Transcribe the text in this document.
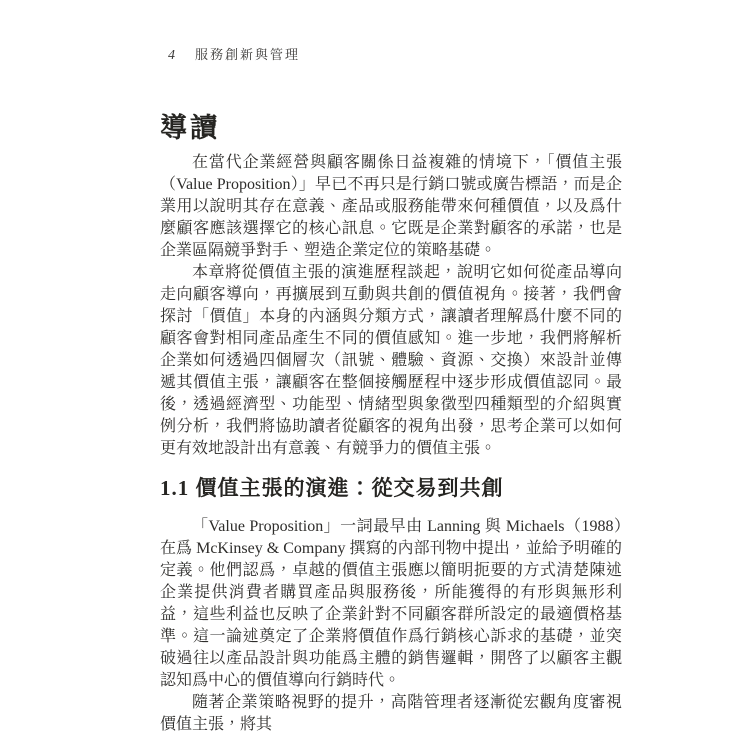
4 服務創新與管理
導讀

在當代企業經營與顧客關係日益複雜的情境下，「價值主張（Value Proposition）」早已不再只是行銷口號或廣告標語，而是企業用以說明其存在意義、產品或服務能帶來何種價值，以及爲什麼顧客應該選擇它的核心訊息。它既是企業對顧客的承諾，也是企業區隔競爭對手、塑造企業定位的策略基礎。

本章將從價值主張的演進歷程談起，說明它如何從產品導向走向顧客導向，再擴展到互動與共創的價值視角。接著，我們會探討「價值」本身的內涵與分類方式，讓讀者理解爲什麼不同的顧客會對相同產品產生不同的價值感知。進一步地，我們將解析企業如何透過四個層次（訊號、體驗、資源、交換）來設計並傳遞其價值主張，讓顧客在整個接觸歷程中逐步形成價值認同。最後，透過經濟型、功能型、情緒型與象徵型四種類型的介紹與實例分析，我們將協助讀者從顧客的視角出發，思考企業可以如何更有效地設計出有意義、有競爭力的價值主張。

1.1 價值主張的演進：從交易到共創

「Value Proposition」一詞最早由 Lanning 與 Michaels（1988）在爲 McKinsey & Company 撰寫的內部刊物中提出，並給予明確的定義。他們認爲，卓越的價值主張應以簡明扼要的方式清楚陳述企業提供消費者購買產品與服務後，所能獲得的有形與無形利益，這些利益也反映了企業針對不同顧客群所設定的最適價格基準。這一論述奠定了企業將價值作爲行銷核心訴求的基礎，並突破過往以產品設計與功能爲主體的銷售邏輯，開啓了以顧客主觀認知爲中心的價值導向行銷時代。

隨著企業策略視野的提升，高階管理者逐漸從宏觀角度審視價值主張，將其
